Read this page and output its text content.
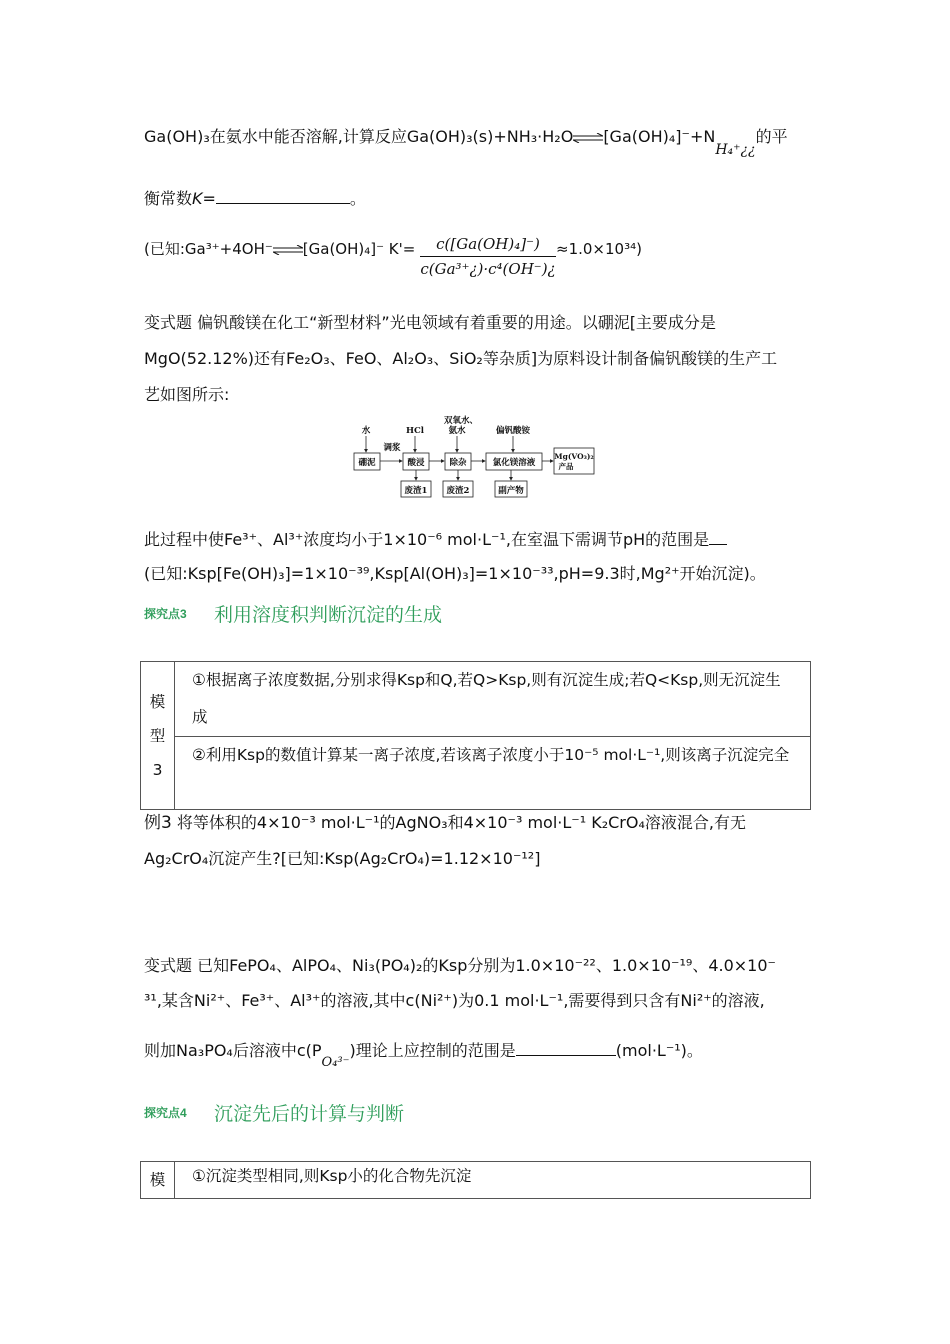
Ga(OH)₃在氨水中能否溶解,计算反应Ga(OH)₃(s)+NH₃·H₂O⇌[Ga(OH)₄]⁻+NH₄⁺¿¿的平
衡常数K=	。
(已知:Ga³⁺+4OH⁻⇌[Ga(OH)₄]⁻ K'=	c([Ga(OH)₄]⁻)
c(Ga³⁺¿)·c⁴(OH⁻)¿
≈1.0×10³⁴)
变式题 偏钒酸镁在化工“新型材料”光电领域有着重要的用途。以硼泥[主要成分是
MgO(52.12%)还有Fe₂O₃、FeO、Al₂O₃、SiO₂等杂质]为原料设计制备偏钒酸镁的生产工
艺如图所示:
水	HCl
双氧水、
氨水	偏钒酸铵
硼泥	酸浸	除杂	氯化镁溶液
Mg(VO₃)₂
产品
调浆
废渣1 废渣2	副产物
此过程中使Fe³⁺、Al³⁺浓度均小于1×10⁻⁶ mol·L⁻¹,在室温下需调节pH的范围是
(已知:Ksp[Fe(OH)₃]=1×10⁻³⁹,Ksp[Al(OH)₃]=1×10⁻³³,pH=9.3时,Mg²⁺开始沉淀)。
探究点3 利用溶度积判断沉淀的生成
模型3
	①根据离子浓度数据,分别求得Ksp和Q,若Q>Ksp,则有沉淀生成;若Q<Ksp,则无沉淀生成
②利用Ksp的数值计算某一离子浓度,若该离子浓度小于10⁻⁵ mol·L⁻¹,则该离子沉淀完全
例3 将等体积的4×10⁻³ mol·L⁻¹的AgNO₃和4×10⁻³ mol·L⁻¹ K₂CrO₄溶液混合,有无
Ag₂CrO₄沉淀产生?[已知:Ksp(Ag₂CrO₄)=1.12×10⁻¹²]
变式题 已知FePO₄、AlPO₄、Ni₃(PO₄)₂的Ksp分别为1.0×10⁻²²、1.0×10⁻¹⁹、4.0×10⁻
³¹,某含Ni²⁺、Fe³⁺、Al³⁺的溶液,其中c(Ni²⁺)为0.1 mol·L⁻¹,需要得到只含有Ni²⁺的溶液,
则加Na₃PO₄后溶液中$c(P_{O_4^{3-}})$理论上应控制的范围是	(mol·L⁻¹)。
探究点4 沉淀先后的计算与判断
模	①沉淀类型相同,则Ksp小的化合物先沉淀
